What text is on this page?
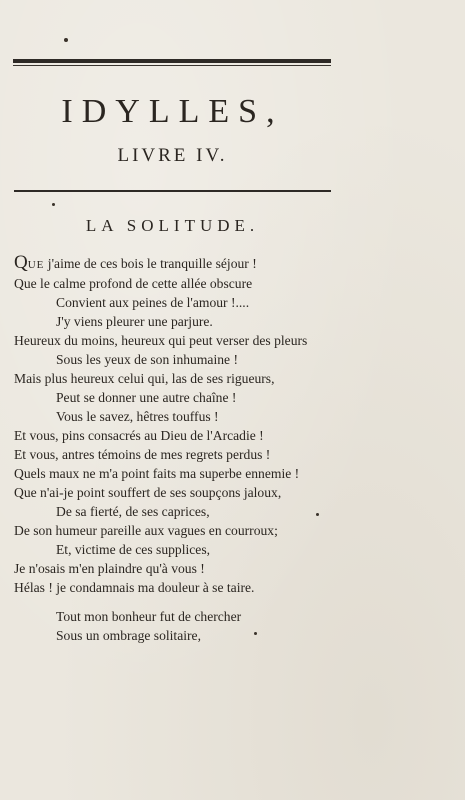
IDYLLES,
LIVRE IV.
LA SOLITUDE.
QUE j'aime de ces bois le tranquille séjour !
Que le calme profond de cette allée obscure
Convient aux peines de l'amour !....
J'y viens pleurer une parjure.
Heureux du moins, heureux qui peut verser des pleurs
Sous les yeux de son inhumaine !
Mais plus heureux celui qui, las de ses rigueurs,
Peut se donner une autre chaîne !
Vous le savez, hêtres touffus !
Et vous, pins consacrés au Dieu de l'Arcadie !
Et vous, antres témoins de mes regrets perdus !
Quels maux ne m'a point faits ma superbe ennemie !
Que n'ai-je point souffert de ses soupçons jaloux,
De sa fierté, de ses caprices,
De son humeur pareille aux vagues en courroux;
Et, victime de ces supplices,
Je n'osais m'en plaindre qu'à vous !
Hélas ! je condamnais ma douleur à se taire.
Tout mon bonheur fut de chercher
Sous un ombrage solitaire,
